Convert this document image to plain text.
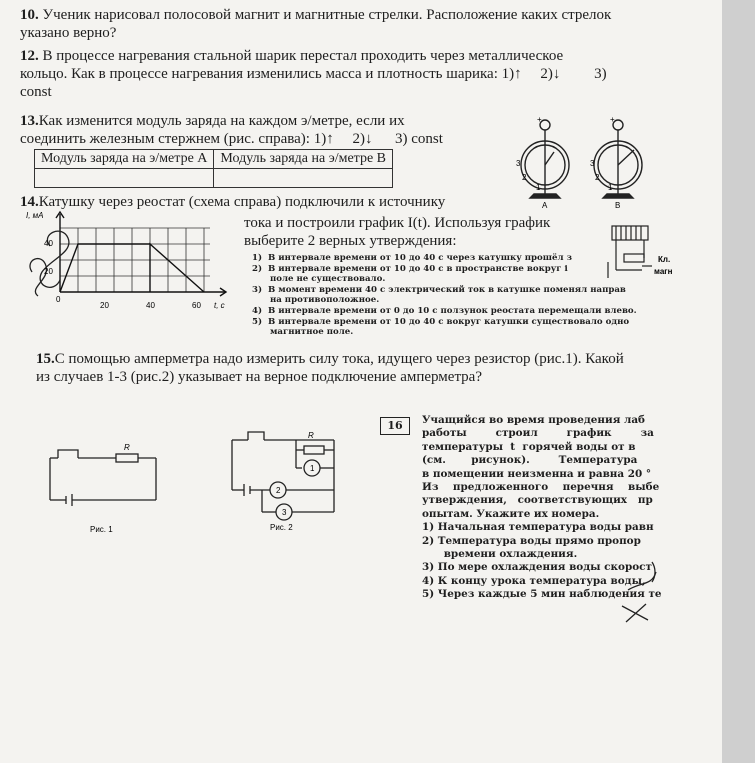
10. Ученик нарисовал полосовой магнит и магнитные стрелки. Расположение каких стрелок
указано верно?
12. В процессе нагревания стальной шарик перестал проходить через металлическое
кольцо. Как в процессе нагревания изменились масса и плотность шарика: 1)↑     2)↓         3)
const
13.Как изменится модуль заряда на каждом э/метре, если их
соединить железным стержнем (рис. справа): 1)↑     2)↓      3) const
Модуль заряда на э/метре А	Модуль заряда на э/метре В

+	+
3
2
1
3
2
1
А	В
14.Катушку через реостат (схема справа) подключили к источнику
тока и построили график I(t). Используя график
выберите 2 верных утверждения:
1)  В интервале времени от 10 до 40 с через катушку прошёл з
2)  В интервале времени от 10 до 40 с в пространстве вокруг і
поле не существовало.
3)  В момент времени 40 с электрический ток в катушке поменял направ
на противоположное.
4)  В интервале времени от 0 до 10 с ползунок реостата перемещали влево.
5)  В интервале времени от 10 до 40 с вокруг катушки существовало одно
магнитное поле.
I, мА
40
20
0
20	40	60 t, c
Кл.
магн
15.С помощью амперметра надо измерить силу тока, идущего через резистор (рис.1). Какой
из случаев 1-3 (рис.2) указывает на верное подключение амперметра?
R
Рис. 1
R
1
2
3
Рис. 2
16	Учащийся во время проведения лаб
работы        строил        график        за
температуры  t  горячей воды от в
(см.       рисунок).        Температура
в помещении неизменна и равна 20 °
Из    предложенного    перечня    выбе
утверждения,   соответствующих   пр
опытам. Укажите их номера.
1) Начальная температура воды равн
2) Температура воды прямо пропор
времени охлаждения.
3) По мере охлаждения воды скорост
4) К концу урока температура воды,
5) Через каждые 5 мин наблюдения те
